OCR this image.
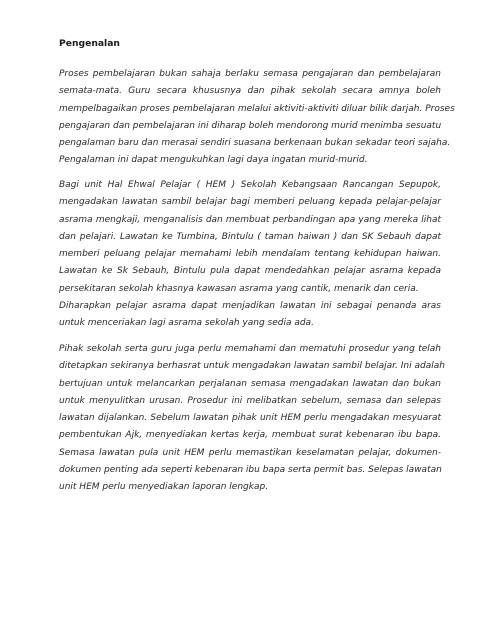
Pengenalan
Proses pembelajaran bukan sahaja berlaku semasa pengajaran dan pembelajaran
semata-mata. Guru secara khususnya dan pihak sekolah secara amnya boleh
mempelbagaikan proses pembelajaran melalui aktiviti-aktiviti diluar bilik darjah. Proses
pengajaran dan pembelajaran ini diharap boleh mendorong murid menimba sesuatu
pengalaman baru dan merasai sendiri suasana berkenaan bukan sekadar teori sajaha.
Pengalaman ini dapat mengukuhkan lagi daya ingatan murid-murid.
Bagi unit Hal Ehwal Pelajar ( HEM ) Sekolah Kebangsaan Rancangan Sepupok,
mengadakan lawatan sambil belajar bagi memberi peluang kepada pelajar-pelajar
asrama mengkaji, menganalisis dan membuat perbandingan apa yang mereka lihat
dan pelajari. Lawatan ke Tumbina, Bintulu ( taman haiwan ) dan SK Sebauh dapat
memberi peluang pelajar memahami lebih mendalam tentang kehidupan haiwan.
Lawatan ke Sk Sebauh, Bintulu pula dapat mendedahkan pelajar asrama kepada
persekitaran sekolah khasnya kawasan asrama yang cantik, menarik dan ceria.
Diharapkan pelajar asrama dapat menjadikan lawatan ini sebagai penanda aras
untuk menceriakan lagi asrama sekolah yang sedia ada.
Pihak sekolah serta guru juga perlu memahami dan mematuhi prosedur yang telah
ditetapkan sekiranya berhasrat untuk mengadakan lawatan sambil belajar. Ini adalah
bertujuan untuk melancarkan perjalanan semasa mengadakan lawatan dan bukan
untuk menyulitkan urusan. Prosedur ini melibatkan sebelum, semasa dan selepas
lawatan dijalankan. Sebelum lawatan pihak unit HEM perlu mengadakan mesyuarat
pembentukan Ajk, menyediakan kertas kerja, membuat surat kebenaran ibu bapa.
Semasa lawatan pula unit HEM perlu memastikan keselamatan pelajar, dokumen-
dokumen penting ada seperti kebenaran ibu bapa serta permit bas. Selepas lawatan
unit HEM perlu menyediakan laporan lengkap.
